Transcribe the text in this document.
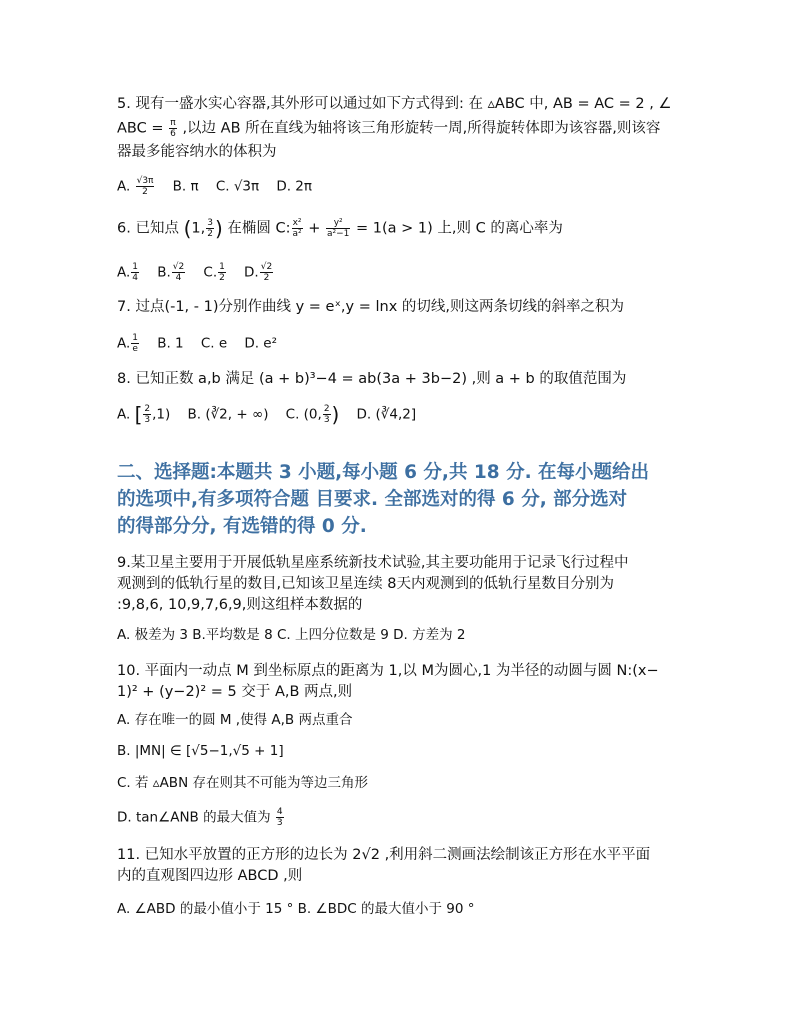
5. 现有一盛水实心容器,其外形可以通过如下方式得到: 在 ▵ABC 中, AB = AC = 2 , ∠
ABC = $\frac{\pi}{6}$ ,以边 AB 所在直线为轴将该三角形旋转一周,所得旋转体即为该容器,则该容
器最多能容纳水的体积为
A. $\frac{√3\pi}{2} B$. π C. √3π D. 2π
6. 已知点 (1, $\frac{3}{2}$ ) 在椭圆 C: $\frac{\text{x²}}{\text{a²}} + \frac{\text{y²}}{\text{a²−1}} = 1(a > 1)$ 上,则 C 的离心率为
A. $\frac{1}{4} B$. $\frac{√2}{4} C$. $\frac{1}{2} D$. $\frac{√2}{2}$
7. 过点(-1, - 1)分别作曲线 y = eˣ,y = lnx 的切线,则这两条切线的斜率之积为
A. $\frac{1}{e} B$. 1 C. e D. e²
8. 已知正数 a,b 满足 (a + b)³−4 = ab(3a + 3b−2) ,则 a + b 的取值范围为
A. [ $\frac{2}{3} ,1$) B. (∛2, + ∞) C. (0, $\frac{2}{3}$ ) D. (∛4,2]
二、选择题:本题共 3 小题,每小题 6 分,共 18 分. 在每小题给出
的选项中,有多项符合题 目要求. 全部选对的得 6 分, 部分选对
的得部分分, 有选错的得 0 分.
9.某卫星主要用于开展低轨星座系统新技术试验,其主要功能用于记录飞行过程中
观测到的低轨行星的数目,已知该卫星连续 8天内观测到的低轨行星数目分别为
:9,8,6, 10,9,7,6,9,则这组样本数据的
A. 极差为 3 B.平均数是 8 C. 上四分位数是 9 D. 方差为 2
10. 平面内一动点 M 到坐标原点的距离为 1,以 M为圆心,1 为半径的动圆与圆 N:(x−
1)² + (y−2)² = 5 交于 A,B 两点,则
A. 存在唯一的圆 M ,使得 A,B 两点重合
B. |MN| ∈ [√5−1,√5 + 1]
C. 若 ▵ABN 存在则其不可能为等边三角形
D. tan∠ANB 的最大值为 $\frac{4}{3}$
11. 已知水平放置的正方形的边长为 2√2 ,利用斜二测画法绘制该正方形在水平平面
内的直观图四边形 ABCD ,则
A. ∠ABD 的最小值小于 15 ° B. ∠BDC 的最大值小于 90 °
